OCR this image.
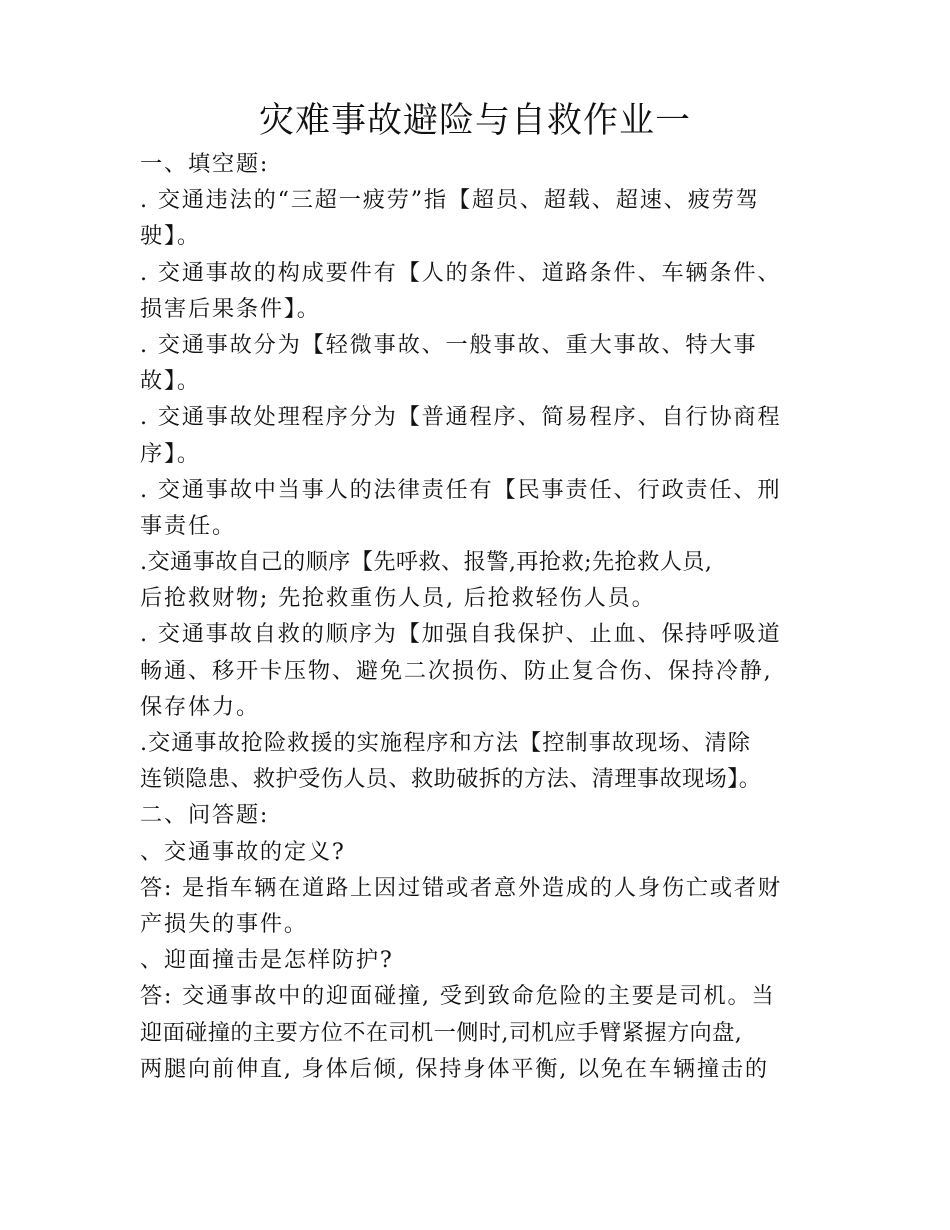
灾难事故避险与自救作业一
一、填空题:
. 交通违法的“三超一疲劳”指【超员、超载、超速、疲劳驾
驶】。
. 交通事故的构成要件有【人的条件、道路条件、车辆条件、
损害后果条件】。
. 交通事故分为【轻微事故、一般事故、重大事故、特大事
故】。
. 交通事故处理程序分为【普通程序、简易程序、自行协商程
序】。
. 交通事故中当事人的法律责任有【民事责任、行政责任、刑
事责任。
.交通事故自己的顺序【先呼救、报警,再抢救;先抢救人员,
后抢救财物; 先抢救重伤人员, 后抢救轻伤人员。
. 交通事故自救的顺序为【加强自我保护、止血、保持呼吸道
畅通、移开卡压物、避免二次损伤、防止复合伤、保持冷静,
保存体力。
.交通事故抢险救援的实施程序和方法【控制事故现场、清除
连锁隐患、救护受伤人员、救助破拆的方法、清理事故现场】。
二、问答题:
、交通事故的定义?
答: 是指车辆在道路上因过错或者意外造成的人身伤亡或者财
产损失的事件。
、迎面撞击是怎样防护?
答: 交通事故中的迎面碰撞, 受到致命危险的主要是司机。当
迎面碰撞的主要方位不在司机一侧时,司机应手臂紧握方向盘,
两腿向前伸直, 身体后倾, 保持身体平衡, 以免在车辆撞击的
